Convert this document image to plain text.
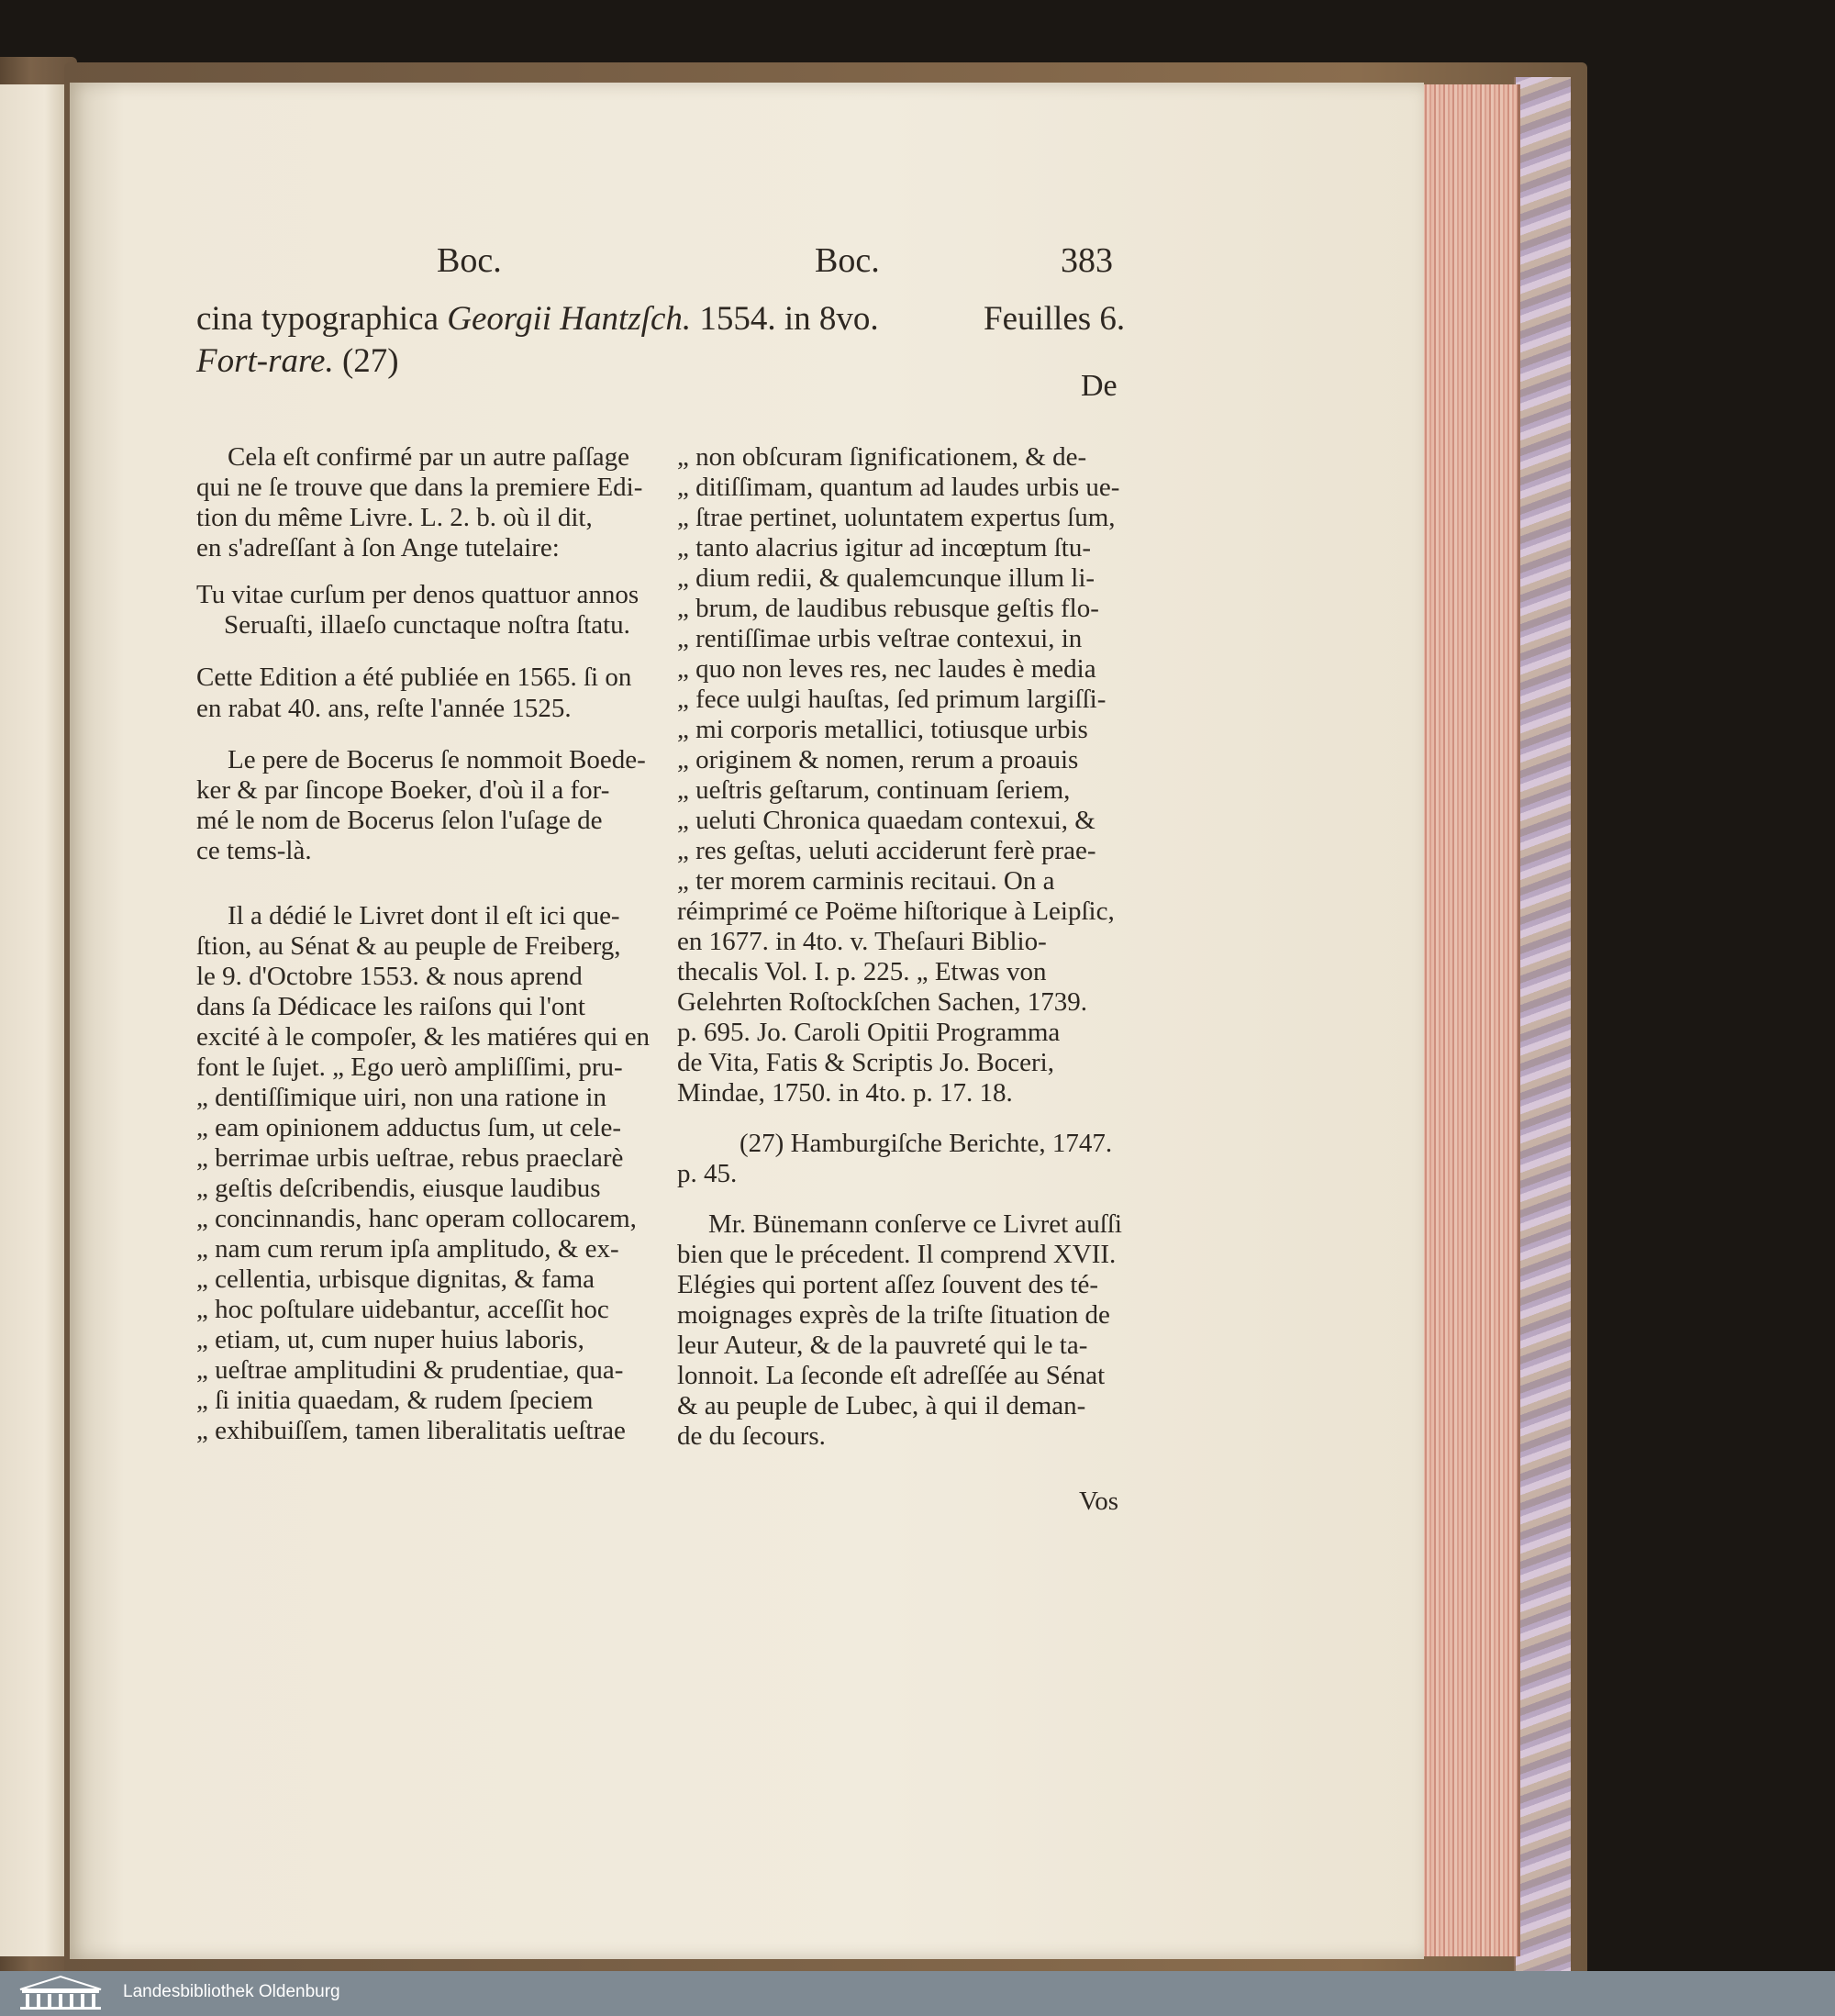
Boc.	Boc.	383
cina typographica Georgii Hantzſch. 1554. in 8vo.	Feuilles 6.
Fort-rare. (27)
De

Cela eſt confirmé par un autre paſſage

qui ne ſe trouve que dans la premiere Edi-

tion du même Livre. L. 2. b. où il dit,

en s'adreſſant à ſon Ange tutelaire:

Tu vitae curſum per denos quattuor annos

Seruaſti, illaeſo cunctaque noſtra ſtatu.

Cette Edition a été publiée en 1565. ſi on

en rabat 40. ans, reſte l'année 1525.

Le pere de Bocerus ſe nommoit Boede-

ker & par ſincope Boeker, d'où il a for-

mé le nom de Bocerus ſelon l'uſage de

ce tems-là.

Il a dédié le Livret dont il eſt ici que-

ſtion, au Sénat & au peuple de Freiberg,

le 9. d'Octobre 1553. & nous aprend

dans ſa Dédicace les raiſons qui l'ont

excité à le compoſer, & les matiéres qui en

font le ſujet. „ Ego uerò ampliſſimi, pru-

„ dentiſſimique uiri, non una ratione in

„ eam opinionem adductus ſum, ut cele-

„ berrimae urbis ueſtrae, rebus praeclarè

„ geſtis deſcribendis, eiusque laudibus

„ concinnandis, hanc operam collocarem,

„ nam cum rerum ipſa amplitudo, & ex-

„ cellentia, urbisque dignitas, & fama

„ hoc poſtulare uidebantur, acceſſit hoc

„ etiam, ut, cum nuper huius laboris,

„ ueſtrae amplitudini & prudentiae, qua-

„ ſi initia quaedam, & rudem ſpeciem

„ exhibuiſſem, tamen liberalitatis ueſtrae

„ non obſcuram ſignificationem, & de-

„ ditiſſimam, quantum ad laudes urbis ue-

„ ſtrae pertinet, uoluntatem expertus ſum,

„ tanto alacrius igitur ad incœptum ſtu-

„ dium redii, & qualemcunque illum li-

„ brum, de laudibus rebusque geſtis flo-

„ rentiſſimae urbis veſtrae contexui, in

„ quo non leves res, nec laudes è media

„ fece uulgi hauſtas, ſed primum largiſſi-

„ mi corporis metallici, totiusque urbis

„ originem & nomen, rerum a proauis

„ ueſtris geſtarum, continuam ſeriem,

„ ueluti Chronica quaedam contexui, &

„ res geſtas, ueluti acciderunt ferè prae-

„ ter morem carminis recitaui. On a

réimprimé ce Poëme hiſtorique à Leipſic,

en 1677. in 4to. v. Theſauri Biblio-

thecalis Vol. I. p. 225. „ Etwas von

Gelehrten Roſtockſchen Sachen, 1739.

p. 695. Jo. Caroli Opitii Programma

de Vita, Fatis & Scriptis Jo. Boceri,

Mindae, 1750. in 4to. p. 17. 18.

(27) Hamburgiſche Berichte, 1747.

p. 45.

Mr. Bünemann conſerve ce Livret auſſi

bien que le précedent. Il comprend XVII.

Elégies qui portent aſſez ſouvent des té-

moignages exprès de la triſte ſituation de

leur Auteur, & de la pauvreté qui le ta-

lonnoit. La ſeconde eſt adreſſée au Sénat

& au peuple de Lubec, à qui il deman-

de du ſecours.

Vos
Landesbibliothek Oldenburg
